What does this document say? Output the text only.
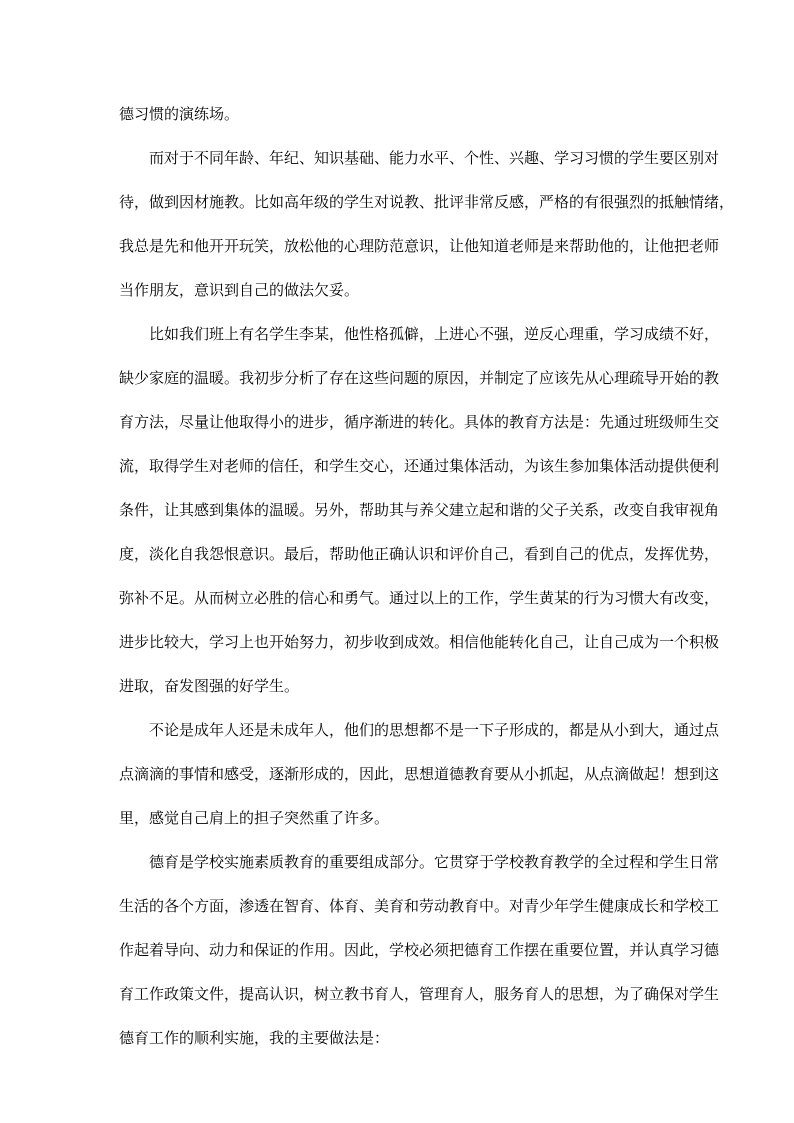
德习惯的演练场。
而对于不同年龄、年纪、知识基础、能力水平、个性、兴趣、学习习惯的学生要区别对
待，做到因材施教。比如高年级的学生对说教、批评非常反感，严格的有很强烈的抵触情绪，
我总是先和他开开玩笑，放松他的心理防范意识，让他知道老师是来帮助他的，让他把老师
当作朋友，意识到自己的做法欠妥。
比如我们班上有名学生李某，他性格孤僻，上进心不强，逆反心理重，学习成绩不好，
缺少家庭的温暖。我初步分析了存在这些问题的原因，并制定了应该先从心理疏导开始的教
育方法，尽量让他取得小的进步，循序渐进的转化。具体的教育方法是：先通过班级师生交
流，取得学生对老师的信任，和学生交心，还通过集体活动，为该生参加集体活动提供便利
条件，让其感到集体的温暖。另外，帮助其与养父建立起和谐的父子关系，改变自我审视角
度，淡化自我怨恨意识。最后，帮助他正确认识和评价自己，看到自己的优点，发挥优势，
弥补不足。从而树立必胜的信心和勇气。通过以上的工作，学生黄某的行为习惯大有改变，
进步比较大，学习上也开始努力，初步收到成效。相信他能转化自己，让自己成为一个积极
进取，奋发图强的好学生。
不论是成年人还是未成年人，他们的思想都不是一下子形成的，都是从小到大，通过点
点滴滴的事情和感受，逐渐形成的，因此，思想道德教育要从小抓起，从点滴做起！想到这
里，感觉自己肩上的担子突然重了许多。
德育是学校实施素质教育的重要组成部分。它贯穿于学校教育教学的全过程和学生日常
生活的各个方面，渗透在智育、体育、美育和劳动教育中。对青少年学生健康成长和学校工
作起着导向、动力和保证的作用。因此，学校必须把德育工作摆在重要位置，并认真学习德
育工作政策文件，提高认识，树立教书育人，管理育人，服务育人的思想，为了确保对学生
德育工作的顺利实施，我的主要做法是：
